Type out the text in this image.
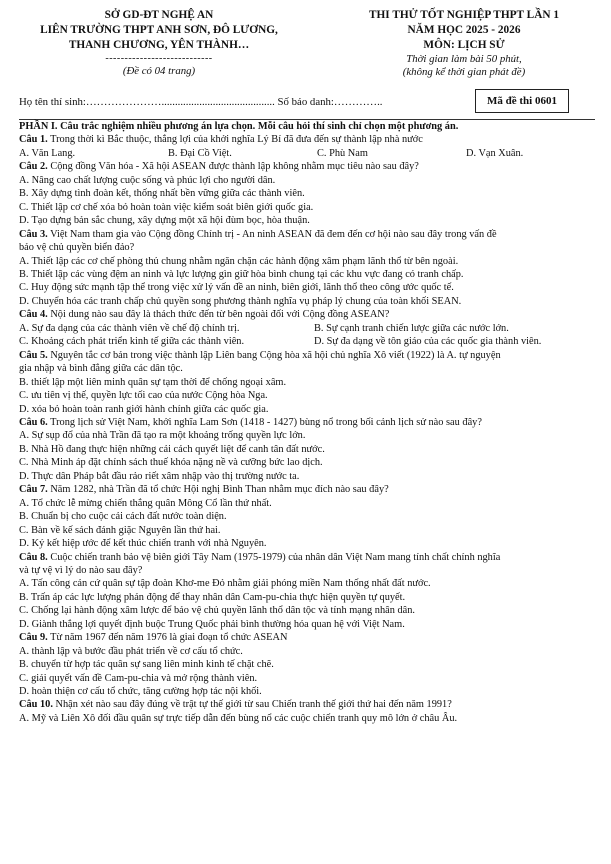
SỞ GD-ĐT NGHỆ AN
LIÊN TRƯỜNG THPT ANH SƠN, ĐÔ LƯƠNG,
THANH CHƯƠNG, YÊN THÀNH…
----------------------------
(Đề có 04 trang)
THI THỬ TỐT NGHIỆP THPT LẦN 1
NĂM HỌC 2025 - 2026
MÔN: LỊCH SỬ
Thời gian làm bài 50 phút,
(không kể thời gian phát đề)
Họ tên thí sinh:………………….......................................... Số báo danh:…………..	Mã đề thi 0601

PHẦN I. Câu trắc nghiệm nhiều phương án lựa chọn. Mỗi câu hỏi thí sinh chỉ chọn một phương án.

Câu 1. Trong thời kì Bắc thuộc, thắng lợi của khởi nghĩa Lý Bí đã đưa đến sự thành lập nhà nước

A. Văn Lang.	B. Đại Cồ Việt.	C. Phù Nam	D. Vạn Xuân.

Câu 2. Cộng đồng Văn hóa - Xã hội ASEAN được thành lập không nhằm mục tiêu nào sau đây?

A. Nâng cao chất lượng cuộc sống và phúc lợi cho người dân.

B. Xây dựng tình đoàn kết, thống nhất bền vững giữa các thành viên.

C. Thiết lập cơ chế xóa bỏ hoàn toàn việc kiểm soát biên giới quốc gia.

D. Tạo dựng bản sắc chung, xây dựng một xã hội đùm bọc, hòa thuận.

Câu 3. Việt Nam tham gia vào Cộng đồng Chính trị - An ninh ASEAN đã đem đến cơ hội nào sau đây trong vấn đề

bảo vệ chủ quyền biển đảo?

A. Thiết lập các cơ chế phòng thủ chung nhằm ngăn chặn các hành động xâm phạm lãnh thổ từ bên ngoài.

B. Thiết lập các vùng đệm an ninh và lực lượng gìn giữ hòa bình chung tại các khu vực đang có tranh chấp.

C. Huy động sức mạnh tập thể trong việc xử lý vấn đề an ninh, biên giới, lãnh thổ theo công ước quốc tế.

D. Chuyển hóa các tranh chấp chủ quyền song phương thành nghĩa vụ pháp lý chung của toàn khối SEAN.

Câu 4. Nội dung nào sau đây là thách thức đến từ bên ngoài đối với Cộng đồng ASEAN?

A. Sự đa dạng của các thành viên về chế độ chính trị.	B. Sự cạnh tranh chiến lược giữa các nước lớn.

C. Khoảng cách phát triển kinh tế giữa các thành viên.	D. Sự đa dạng về tôn giáo của các quốc gia thành viên.

Câu 5. Nguyên tắc cơ bản trong việc thành lập Liên bang Cộng hòa xã hội chủ nghĩa Xô viết (1922) là A. tự nguyện

gia nhập và bình đẳng giữa các dân tộc.

B. thiết lập một liên minh quân sự tạm thời để chống ngoại xâm.

C. ưu tiên vị thế, quyền lực tối cao của nước Cộng hòa Nga.

D. xóa bỏ hoàn toàn ranh giới hành chính giữa các quốc gia.

Câu 6. Trong lịch sử Việt Nam, khởi nghĩa Lam Sơn (1418 - 1427) bùng nổ trong bối cảnh lịch sử nào sau đây?

A. Sự sụp đổ của nhà Trần đã tạo ra một khoảng trống quyền lực lớn.

B. Nhà Hồ đang thực hiện những cải cách quyết liệt để canh tân đất nước.

C. Nhà Minh áp đặt chính sách thuế khóa nặng nề và cưỡng bức lao dịch.

D. Thực dân Pháp bắt đầu rảo riết xâm nhập vào thị trường nước ta.

Câu 7. Năm 1282, nhà Trần đã tổ chức Hội nghị Bình Than nhằm mục đích nào sau đây?

A. Tổ chức lễ mừng chiến thắng quân Mông Cổ lần thứ nhất.

B. Chuẩn bị cho cuộc cải cách đất nước toàn diện.

C. Bàn về kế sách đánh giặc Nguyên lần thứ hai.

D. Ký kết hiệp ước để kết thúc chiến tranh với nhà Nguyên.

Câu 8. Cuộc chiến tranh bảo vệ biên giới Tây Nam (1975-1979) của nhân dân Việt Nam mang tính chất chính nghĩa

và tự vệ vì lý do nào sau đây?

A. Tấn công cản cứ quân sự tập đoàn Khơ-me Đỏ nhằm giải phóng miền Nam thống nhất đất nước.

B. Trấn áp các lực lượng phản động để thay nhân dân Cam-pu-chia thực hiện quyền tự quyết.

C. Chống lại hành động xâm lược để bảo vệ chủ quyền lãnh thổ dân tộc và tính mạng nhân dân.

D. Giành thắng lợi quyết định buộc Trung Quốc phải bình thường hóa quan hệ với Việt Nam.

Câu 9. Từ năm 1967 đến năm 1976 là giai đoạn tổ chức ASEAN

A. thành lập và bước đầu phát triển về cơ cấu tổ chức.

B. chuyển từ hợp tác quân sự sang liên minh kinh tế chặt chẽ.

C. giải quyết vấn đề Cam-pu-chia và mở rộng thành viên.

D. hoàn thiện cơ cấu tổ chức, tăng cường hợp tác nội khối.

Câu 10. Nhận xét nào sau đây đúng về trật tự thế giới từ sau Chiến tranh thế giới thứ hai đến năm 1991?

A. Mỹ và Liên Xô đối đầu quân sự trực tiếp dẫn đến bùng nổ các cuộc chiến tranh quy mô lớn ở châu Âu.
